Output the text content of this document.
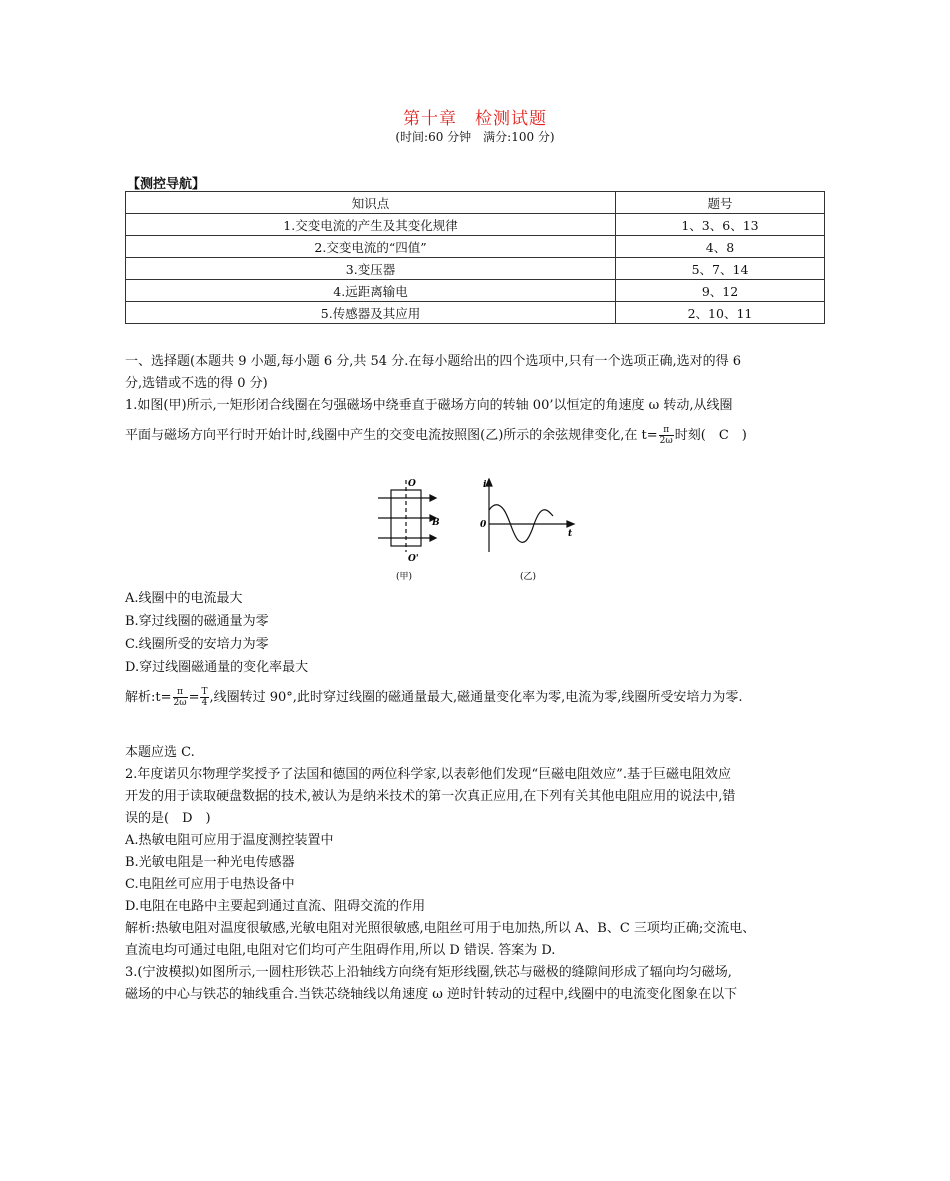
第十章　检测试题
(时间:60 分钟　满分:100 分)
【测控导航】
知识点	题号
1.交变电流的产生及其变化规律	1、3、6、13
2.交变电流的“四值”	4、8
3.变压器	5、7、14
4.远距离输电	9、12
5.传感器及其应用	2、10、11
一、选择题(本题共 9 小题,每小题 6 分,共 54 分.在每小题给出的四个选项中,只有一个选项正确,选对的得 6
分,选错或不选的得 0 分)
1.如图(甲)所示,一矩形闭合线圈在匀强磁场中绕垂直于磁场方向的转轴 00’以恒定的角速度 ω 转动,从线圈
平面与磁场方向平行时开始计时,线圈中产生的交变电流按照图(乙)所示的余弦规律变化,在 $t= \frac{\pi}{2\omega}$ 时刻(　C　)
O
O'
B
(甲)
i
0
t
(乙)
A.线圈中的电流最大
B.穿过线圈的磁通量为零
C.线圈所受的安培力为零
D.穿过线圈磁通量的变化率最大
解析:t= $\frac{\pi}{2\omega} = \frac{T}{4}$ ,线圈转过 90°,此时穿过线圈的磁通量最大,磁通量变化率为零,电流为零,线圈所受安培力为零.
本题应选 C.
2.年度诺贝尔物理学奖授予了法国和德国的两位科学家,以表彰他们发现“巨磁电阻效应”.基于巨磁电阻效应
开发的用于读取硬盘数据的技术,被认为是纳米技术的第一次真正应用,在下列有关其他电阻应用的说法中,错
误的是(　D　)
A.热敏电阻可应用于温度测控装置中
B.光敏电阻是一种光电传感器
C.电阻丝可应用于电热设备中
D.电阻在电路中主要起到通过直流、阻碍交流的作用
解析:热敏电阻对温度很敏感,光敏电阻对光照很敏感,电阻丝可用于电加热,所以 A、B、C 三项均正确;交流电、
直流电均可通过电阻,电阻对它们均可产生阻碍作用,所以 D 错误. 答案为 D.
3.(宁波模拟)如图所示,一圆柱形铁芯上沿轴线方向绕有矩形线圈,铁芯与磁极的缝隙间形成了辐向均匀磁场,
磁场的中心与铁芯的轴线重合.当铁芯绕轴线以角速度 ω 逆时针转动的过程中,线圈中的电流变化图象在以下
